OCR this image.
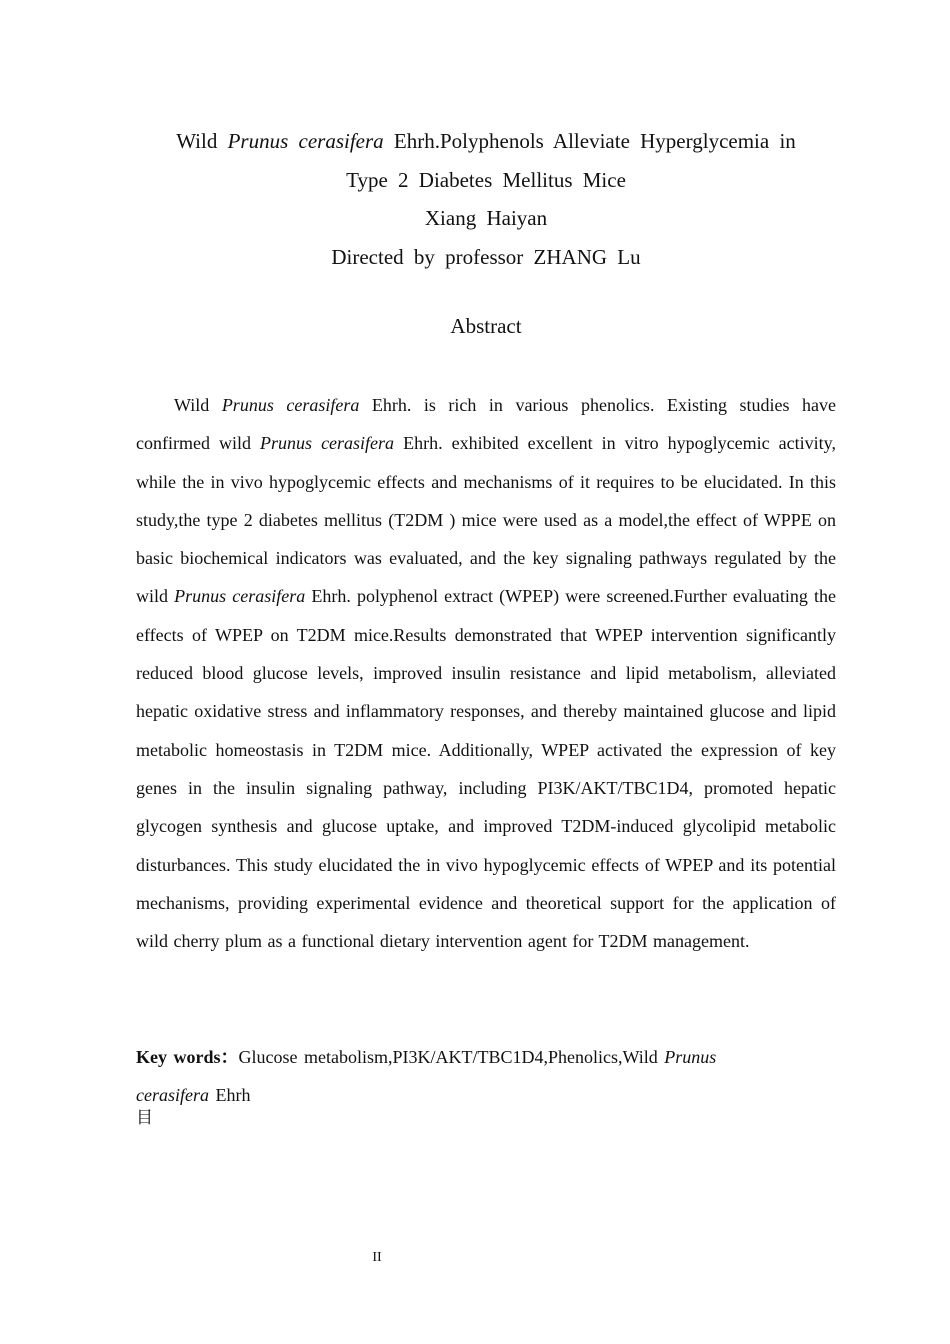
Wild Prunus cerasifera Ehrh.Polyphenols Alleviate Hyperglycemia in
Type 2 Diabetes Mellitus Mice
Xiang Haiyan
Directed by professor ZHANG Lu
Abstract
Wild Prunus cerasifera Ehrh. is rich in various phenolics. Existing studies have confirmed wild Prunus cerasifera Ehrh. exhibited excellent in vitro hypoglycemic activity, while the in vivo hypoglycemic effects and mechanisms of it requires to be elucidated. In this study,the type 2 diabetes mellitus (T2DM ) mice were used as a model,the effect of WPPE on basic biochemical indicators was evaluated, and the key signaling pathways regulated by the wild Prunus cerasifera Ehrh. polyphenol extract (WPEP) were screened.Further evaluating the effects of WPEP on T2DM mice.Results demonstrated that WPEP intervention significantly reduced blood glucose levels, improved insulin resistance and lipid metabolism, alleviated hepatic oxidative stress and inflammatory responses, and thereby maintained glucose and lipid metabolic homeostasis in T2DM mice. Additionally, WPEP activated the expression of key genes in the insulin signaling pathway, including PI3K/AKT/TBC1D4, promoted hepatic glycogen synthesis and glucose uptake, and improved T2DM-induced glycolipid metabolic disturbances. This study elucidated the in vivo hypoglycemic effects of WPEP and its potential mechanisms, providing experimental evidence and theoretical support for the application of wild cherry plum as a functional dietary intervention agent for T2DM management.
Key words：Glucose metabolism,PI3K/AKT/TBC1D4,Phenolics,Wild Prunus cerasifera Ehrh
目
II
